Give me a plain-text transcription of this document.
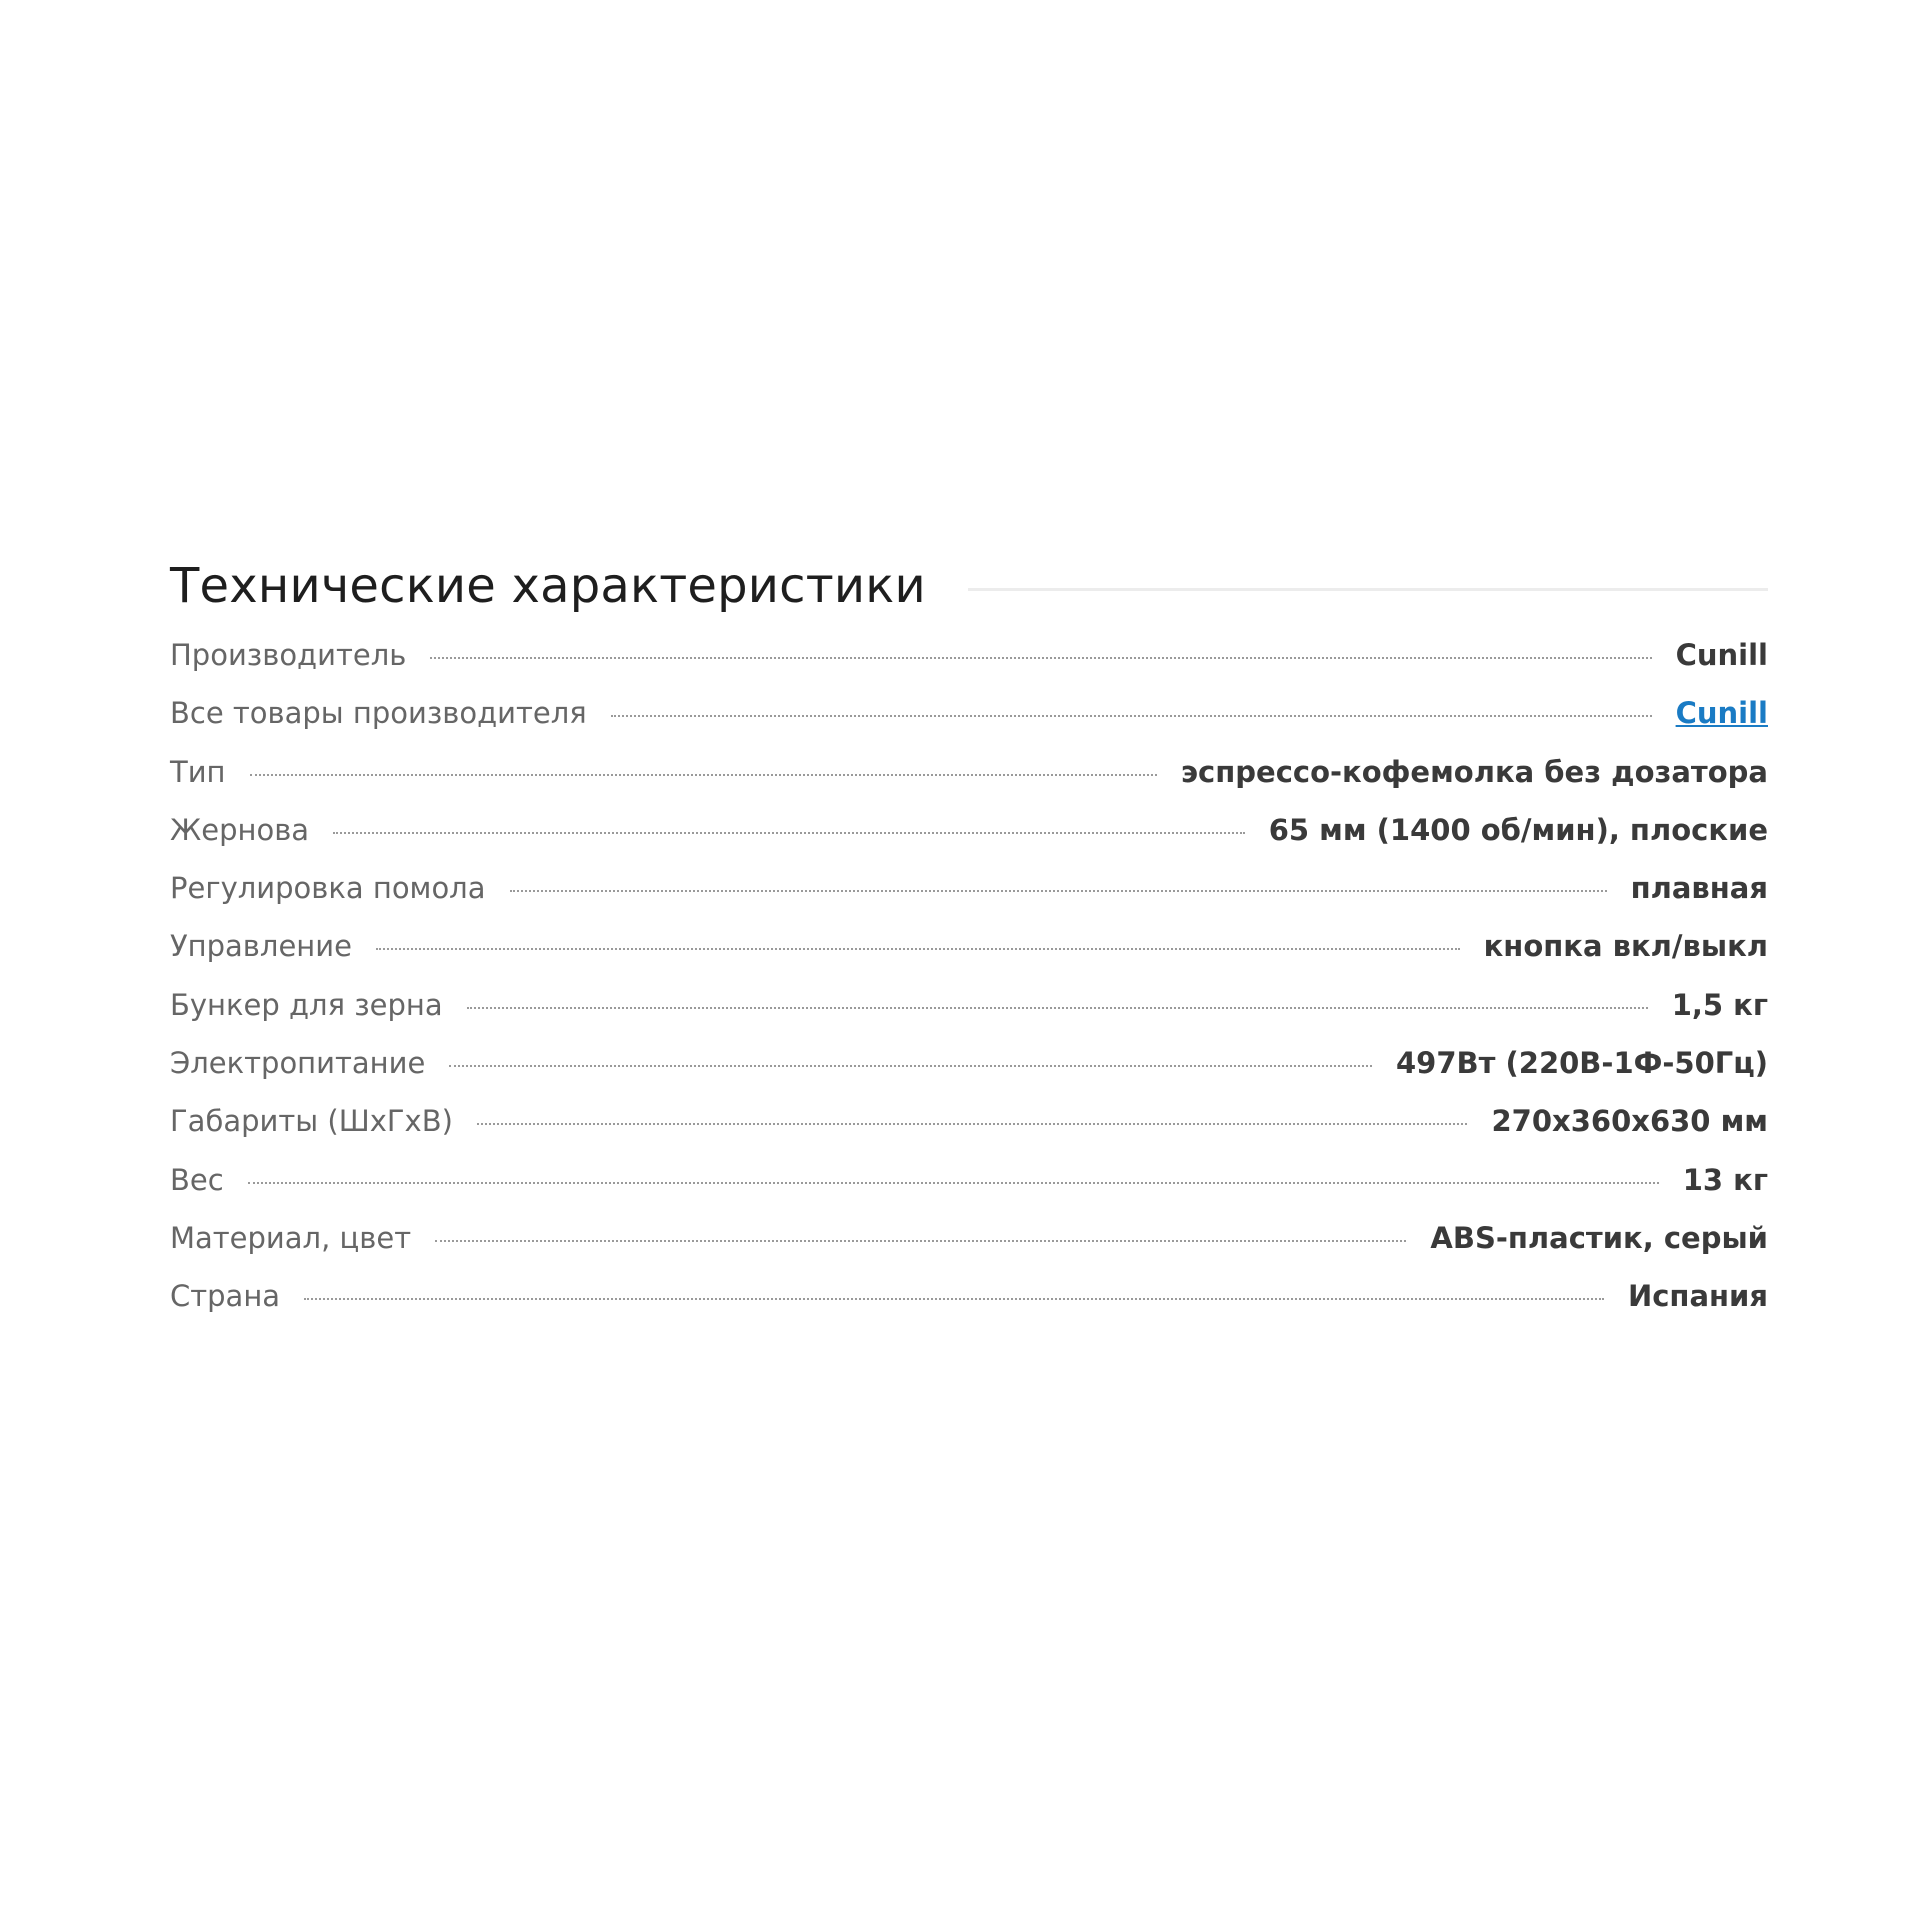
Технические характеристики
Производитель	Cunill
Все товары производителя	Cunill
Тип	эспрессо-кофемолка без дозатора
Жернова	65 мм (1400 об/мин), плоские
Регулировка помола	плавная
Управление	кнопка вкл/выкл
Бункер для зерна	1,5 кг
Электропитание	497Вт (220В-1Ф-50Гц)
Габариты (ШхГхВ)	270x360x630 мм
Вес	13 кг
Материал, цвет	ABS-пластик, серый
Страна	Испания
